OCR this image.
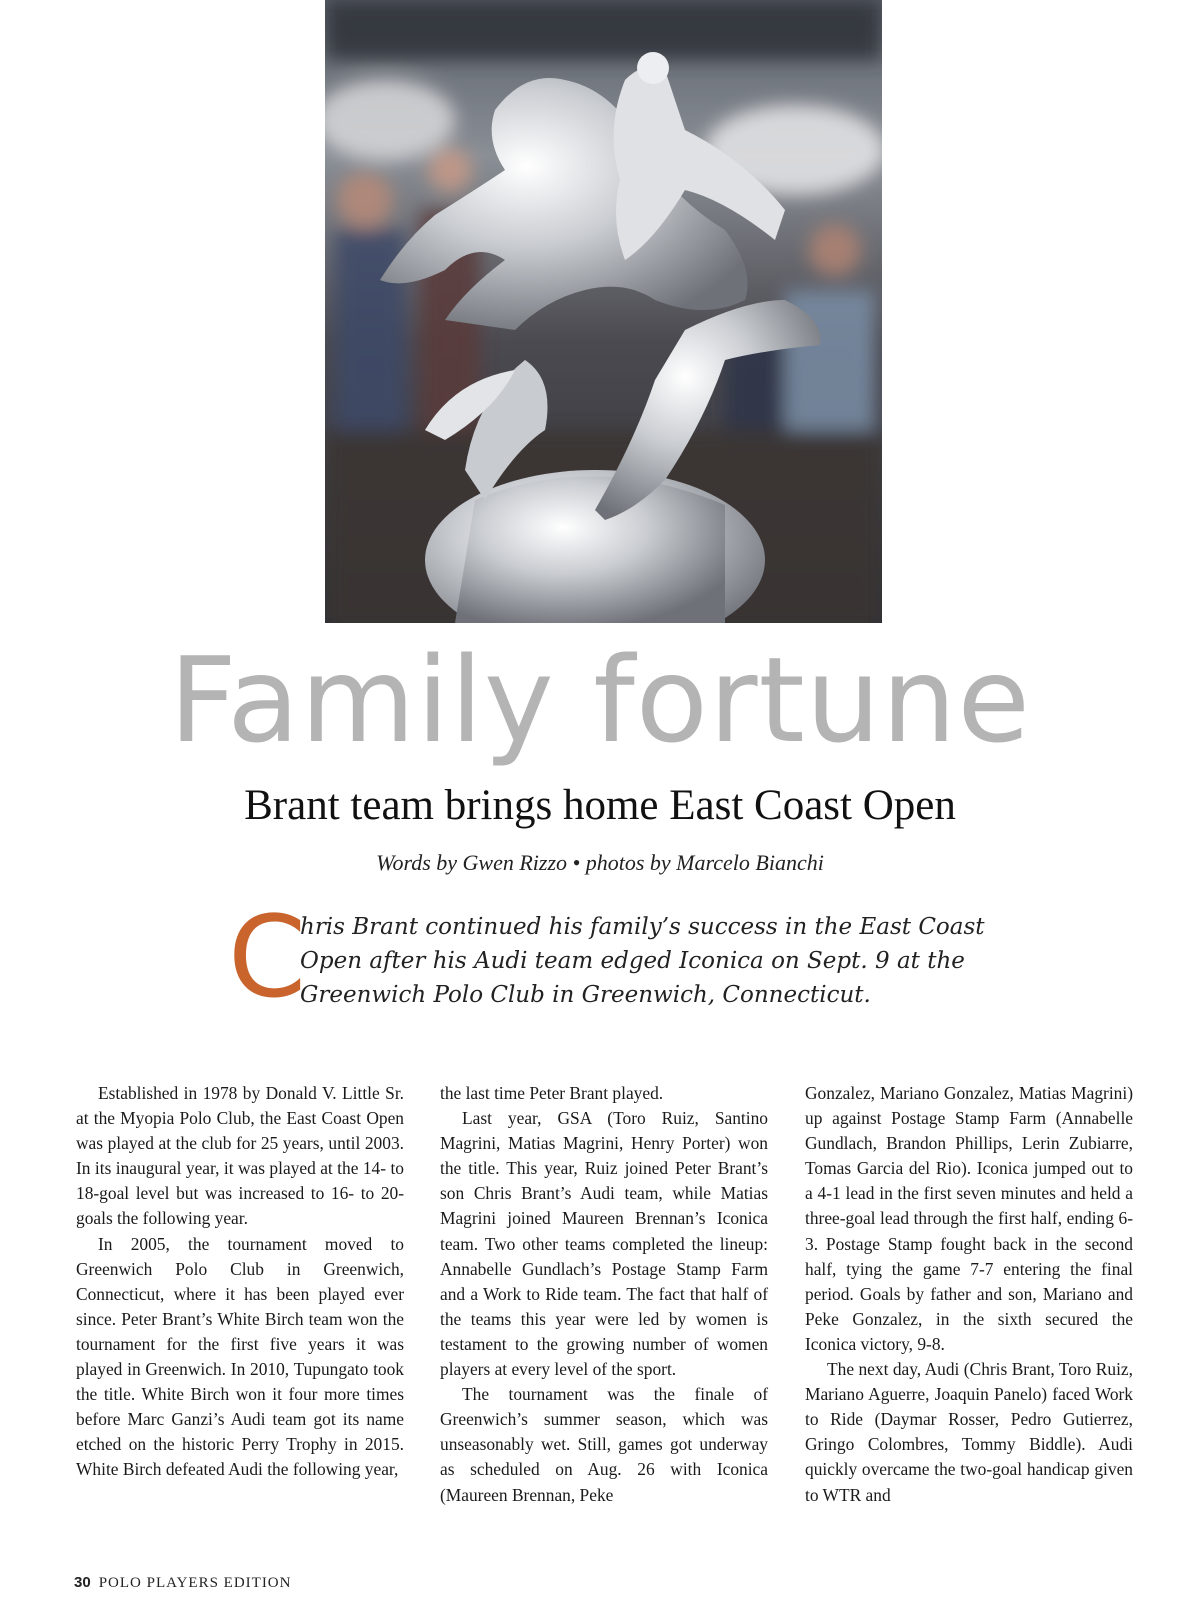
Family fortune
Brant team brings home East Coast Open
Words by Gwen Rizzo • photos by Marcelo Bianchi
C
hris Brant continued his family’s success in the East Coast Open after his Audi team edged Iconica on Sept. 9 at the Greenwich Polo Club in Greenwich, Connecticut.

Established in 1978 by Donald V. Little Sr. at the Myopia Polo Club, the East Coast Open was played at the club for 25 years, until 2003. In its inaugural year, it was played at the 14- to 18-goal level but was increased to 16- to 20-goals the following year.

In 2005, the tournament moved to Greenwich Polo Club in Greenwich, Connecticut, where it has been played ever since. Peter Brant’s White Birch team won the tournament for the first five years it was played in Greenwich. In 2010, Tupungato took the title. White Birch won it four more times before Marc Ganzi’s Audi team got its name etched on the historic Perry Trophy in 2015. White Birch defeated Audi the following year,

the last time Peter Brant played.

Last year, GSA (Toro Ruiz, Santino Magrini, Matias Magrini, Henry Porter) won the title. This year, Ruiz joined Peter Brant’s son Chris Brant’s Audi team, while Matias Magrini joined Maureen Brennan’s Iconica team. Two other teams completed the lineup: Annabelle Gundlach’s Postage Stamp Farm and a Work to Ride team. The fact that half of the teams this year were led by women is testament to the growing number of women players at every level of the sport.

The tournament was the finale of Greenwich’s summer season, which was unseasonably wet. Still, games got underway as scheduled on Aug. 26 with Iconica (Maureen Brennan, Peke

Gonzalez, Mariano Gonzalez, Matias Magrini) up against Postage Stamp Farm (Annabelle Gundlach, Brandon Phillips, Lerin Zubiarre, Tomas Garcia del Rio). Iconica jumped out to a 4-1 lead in the first seven minutes and held a three-goal lead through the first half, ending 6-3. Postage Stamp fought back in the second half, tying the game 7-7 entering the final period. Goals by father and son, Mariano and Peke Gonzalez, in the sixth secured the Iconica victory, 9-8.

The next day, Audi (Chris Brant, Toro Ruiz, Mariano Aguerre, Joaquin Panelo) faced Work to Ride (Daymar Rosser, Pedro Gutierrez, Gringo Colombres, Tommy Biddle). Audi quickly overcame the two-goal handicap given to WTR and

30 POLO PLAYERS EDITION
